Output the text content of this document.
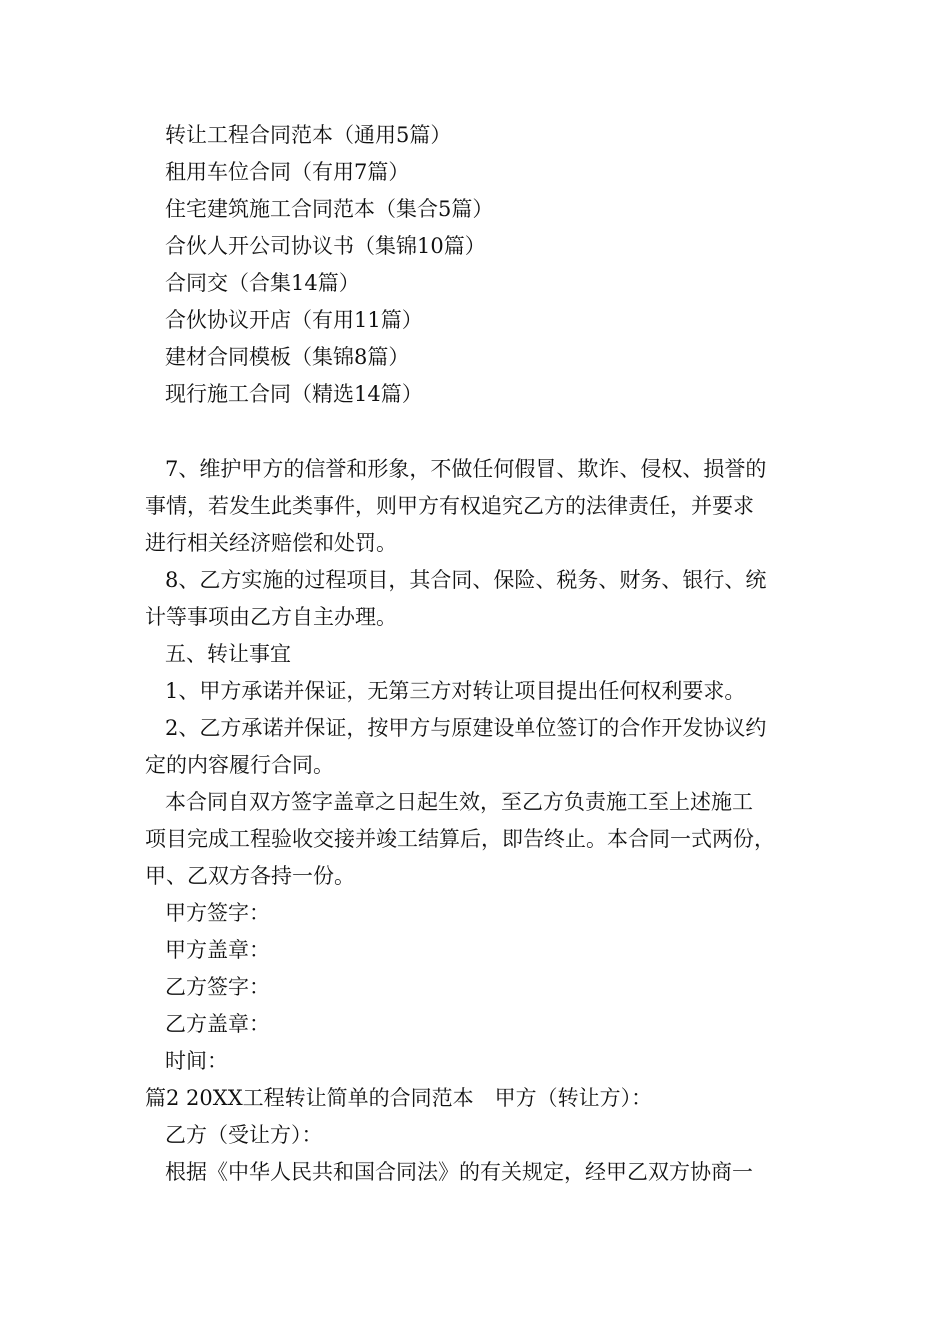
转让工程合同范本（通用5篇）
租用车位合同（有用7篇）
住宅建筑施工合同范本（集合5篇）
合伙人开公司协议书（集锦10篇）
合同交（合集14篇）
合伙协议开店（有用11篇）
建材合同模板（集锦8篇）
现行施工合同（精选14篇）
7、维护甲方的信誉和形象，不做任何假冒、欺诈、侵权、损誉的
事情，若发生此类事件，则甲方有权追究乙方的法律责任，并要求
进行相关经济赔偿和处罚。
8、乙方实施的过程项目，其合同、保险、税务、财务、银行、统
计等事项由乙方自主办理。
五、转让事宜
1、甲方承诺并保证，无第三方对转让项目提出任何权利要求。
2、乙方承诺并保证，按甲方与原建设单位签订的合作开发协议约
定的内容履行合同。
本合同自双方签字盖章之日起生效，至乙方负责施工至上述施工
项目完成工程验收交接并竣工结算后，即告终止。本合同一式两份，
甲、乙双方各持一份。
甲方签字：
甲方盖章：
乙方签字：
乙方盖章：
时间：
篇2 20XX工程转让简单的合同范本　甲方（转让方）：
乙方（受让方）：
根据《中华人民共和国合同法》的有关规定，经甲乙双方协商一
